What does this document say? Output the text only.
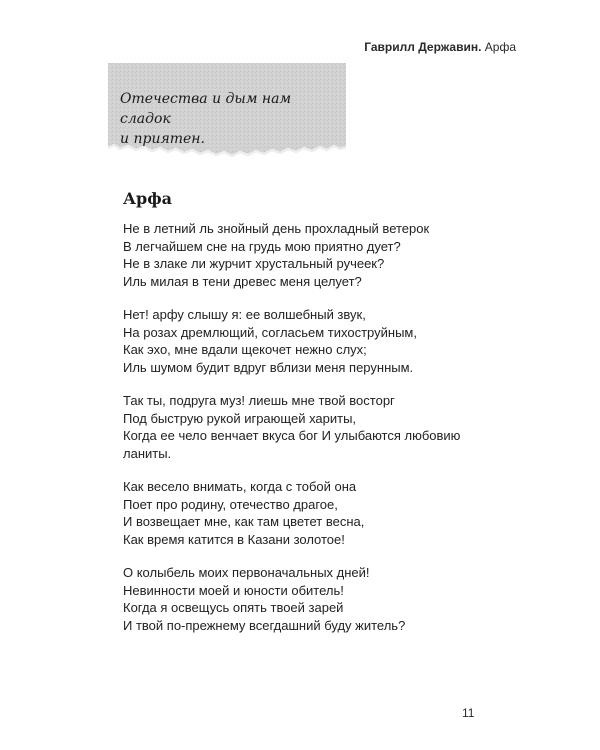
Гаврилл Державин. Арфа
Отечества и дым нам сладок
и приятен.
Арфа
Не в летний ль знойный день прохладный ветерок
В легчайшем сне на грудь мою приятно дует?
Не в злаке ли журчит хрустальный ручеек?
Иль милая в тени древес меня целует?
Нет! арфу слышу я: ее волшебный звук,
На розах дремлющий, согласьем тихоструйным,
Как эхо, мне вдали щекочет нежно слух;
Иль шумом будит вдруг вблизи меня перунным.
Так ты, подруга муз! лиешь мне твой восторг
Под быструю рукой играющей хариты,
Когда ее чело венчает вкуса бог И улыбаются любовию
ланиты.
Как весело внимать, когда с тобой она
Поет про родину, отечество драгое,
И возвещает мне, как там цветет весна,
Как время катится в Казани золотое!
О колыбель моих первоначальных дней!
Невинности моей и юности обитель!
Когда я освещусь опять твоей зарей
И твой по-прежнему всегдашний буду житель?
11
